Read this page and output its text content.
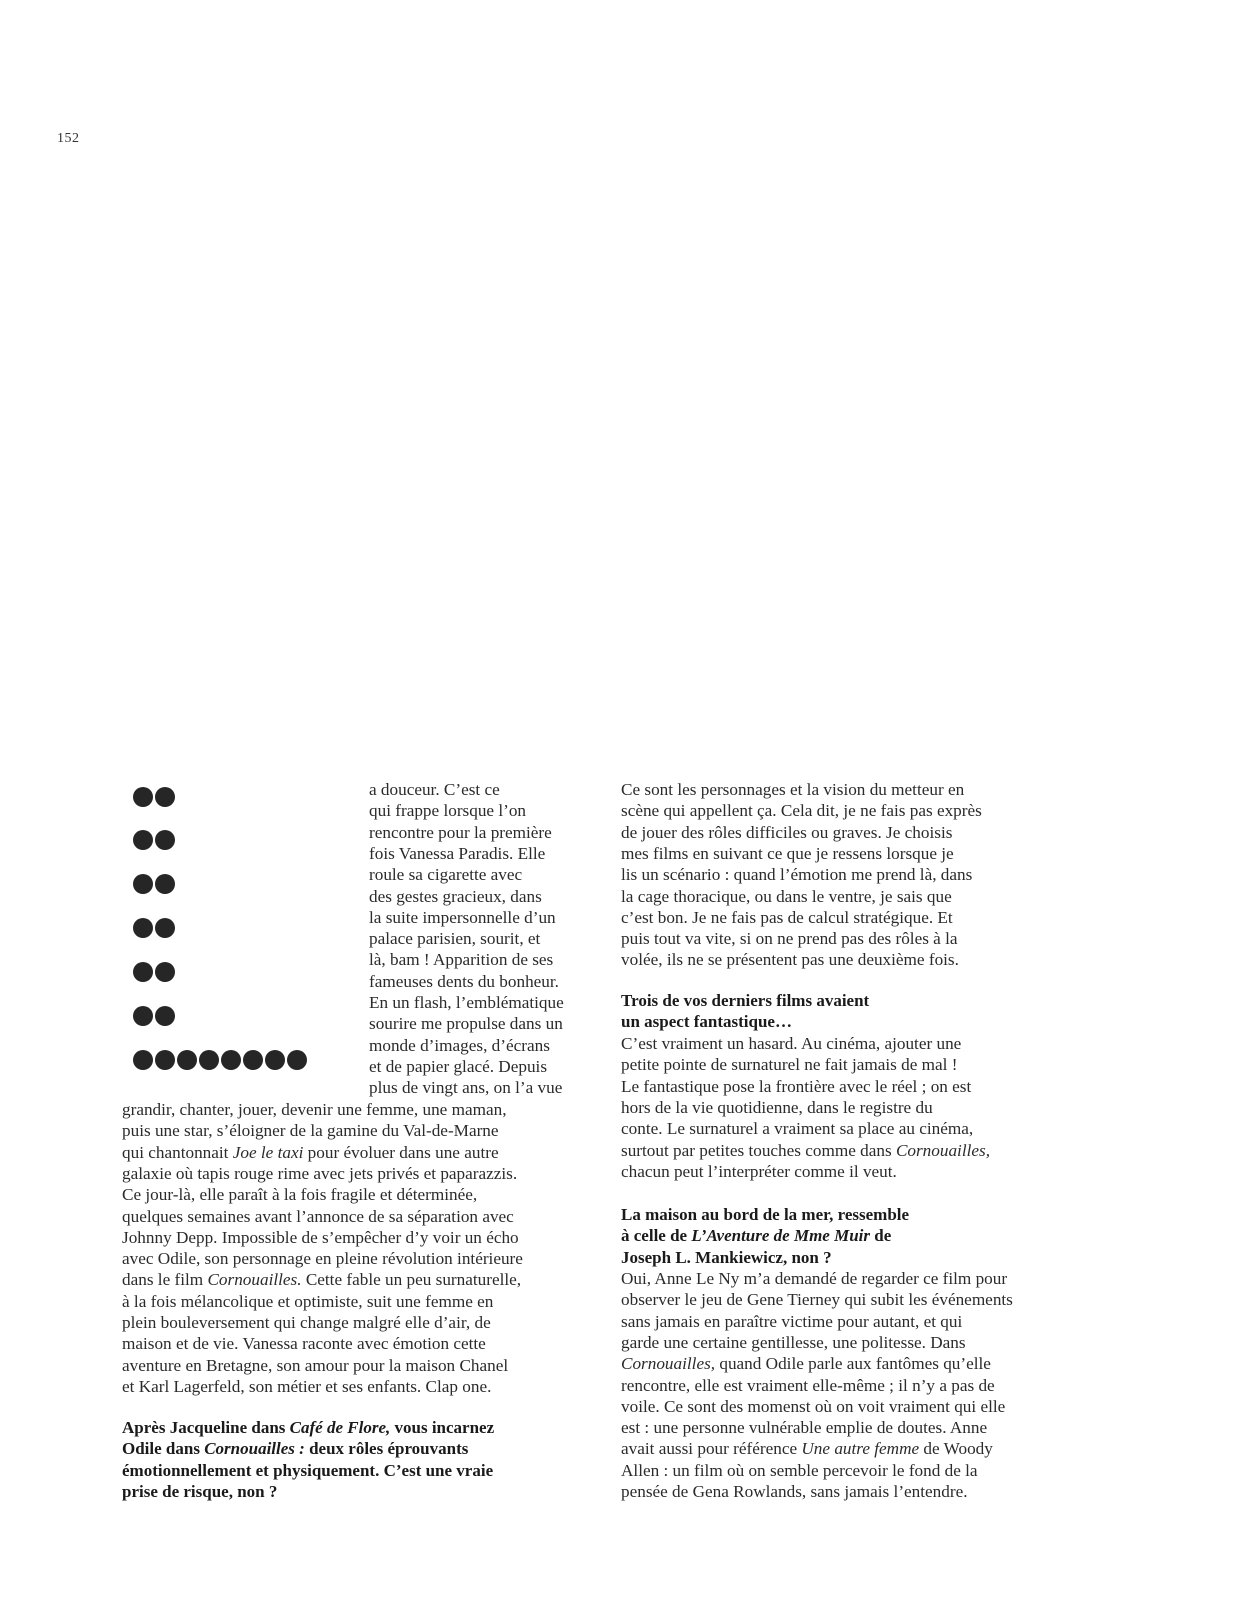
152
a douceur. C’est ce
qui frappe lorsque l’on
rencontre pour la première
fois Vanessa Paradis. Elle
roule sa cigarette avec
des gestes gracieux, dans
la suite impersonnelle d’un
palace parisien, sourit, et
là, bam ! Apparition de ses
fameuses dents du bonheur.
En un flash, l’emblématique
sourire me propulse dans un
monde d’images, d’écrans
et de papier glacé. Depuis
plus de vingt ans, on l’a vue
grandir, chanter, jouer, devenir une femme, une maman,
puis une star, s’éloigner de la gamine du Val-de-Marne
qui chantonnait Joe le taxi pour évoluer dans une autre
galaxie où tapis rouge rime avec jets privés et paparazzis.
Ce jour-là, elle paraît à la fois fragile et déterminée,
quelques semaines avant l’annonce de sa séparation avec
Johnny Depp. Impossible de s’empêcher d’y voir un écho
avec Odile, son personnage en pleine révolution intérieure
dans le film Cornouailles. Cette fable un peu surnaturelle,
à la fois mélancolique et optimiste, suit une femme en
plein bouleversement qui change malgré elle d’air, de
maison et de vie. Vanessa raconte avec émotion cette
aventure en Bretagne, son amour pour la maison Chanel
et Karl Lagerfeld, son métier et ses enfants. Clap one.
Après Jacqueline dans Café de Flore, vous incarnez
Odile dans Cornouailles : deux rôles éprouvants
émotionnellement et physiquement. C’est une vraie
prise de risque, non ?
Ce sont les personnages et la vision du metteur en
scène qui appellent ça. Cela dit, je ne fais pas exprès
de jouer des rôles difficiles ou graves. Je choisis
mes films en suivant ce que je ressens lorsque je
lis un scénario : quand l’émotion me prend là, dans
la cage thoracique, ou dans le ventre, je sais que
c’est bon. Je ne fais pas de calcul stratégique. Et
puis tout va vite, si on ne prend pas des rôles à la
volée, ils ne se présentent pas une deuxième fois.
Trois de vos derniers films avaient
un aspect fantastique…
C’est vraiment un hasard. Au cinéma, ajouter une
petite pointe de surnaturel ne fait jamais de mal !
Le fantastique pose la frontière avec le réel ; on est
hors de la vie quotidienne, dans le registre du
conte. Le surnaturel a vraiment sa place au cinéma,
surtout par petites touches comme dans Cornouailles,
chacun peut l’interpréter comme il veut.
La maison au bord de la mer, ressemble
à celle de L’Aventure de Mme Muir de
Joseph L. Mankiewicz, non ?
Oui, Anne Le Ny m’a demandé de regarder ce film pour
observer le jeu de Gene Tierney qui subit les événements
sans jamais en paraître victime pour autant, et qui
garde une certaine gentillesse, une politesse. Dans
Cornouailles, quand Odile parle aux fantômes qu’elle
rencontre, elle est vraiment elle-même ; il n’y a pas de
voile. Ce sont des momenst où on voit vraiment qui elle
est : une personne vulnérable emplie de doutes. Anne
avait aussi pour référence Une autre femme de Woody
Allen : un film où on semble percevoir le fond de la
pensée de Gena Rowlands, sans jamais l’entendre.
